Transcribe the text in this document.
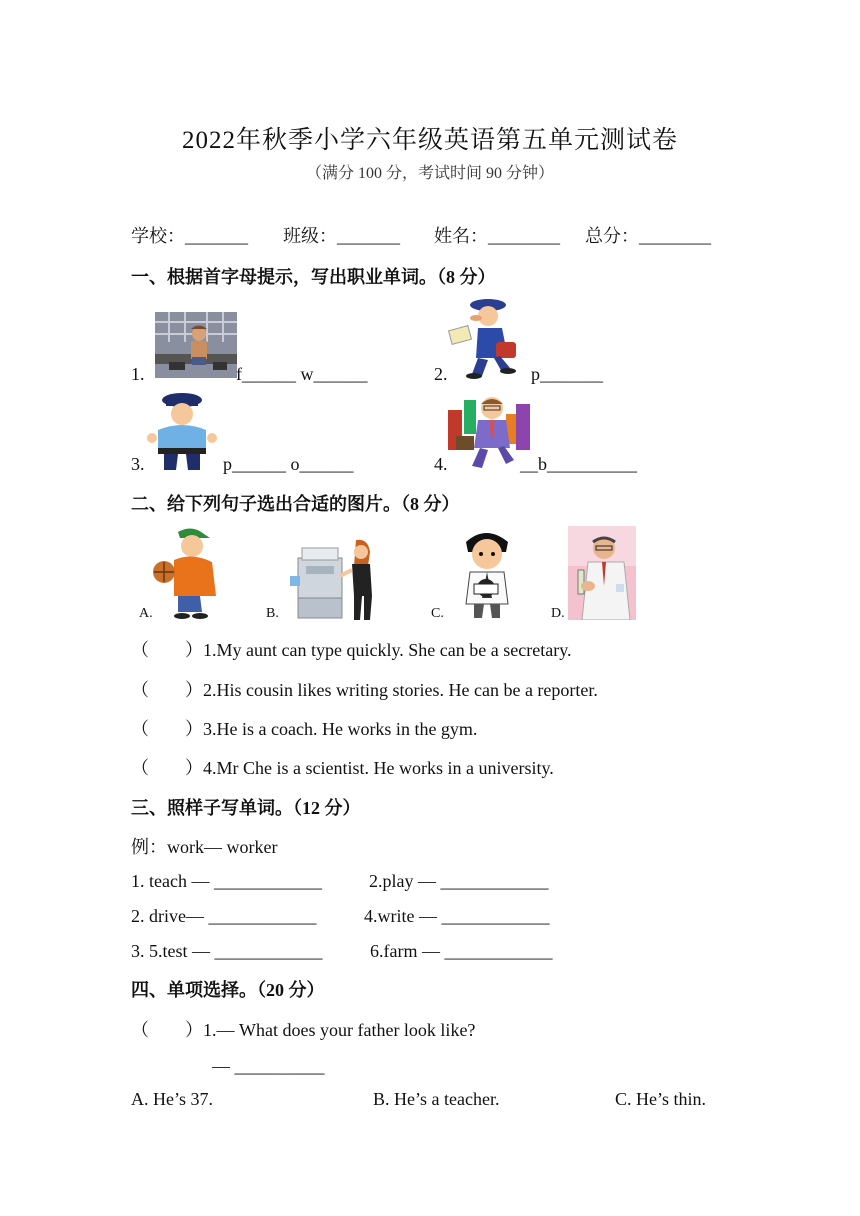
2022年秋季小学六年级英语第五单元测试卷
（满分 100 分，考试时间 90 分钟）
学校：_______ 班级：_______ 姓名：________ 总分：________
一、根据首字母提示，写出职业单词。（8 分）
1.	f______ w______	2.	p_______
3.	p______ o______	4.	__b__________
二、给下列句子选出合适的图片。（8 分）
A.	B.	C.	D.
（　　）1.My aunt can type quickly. She can be a secretary.
（　　）2.His cousin likes writing stories. He can be a reporter.
（　　）3.He is a coach. He works in the gym.
（　　）4.Mr Che is a scientist. He works in a university.
三、照样子写单词。（12 分）
例：work— worker
1. teach — ____________	2.play — ____________
2. drive— ____________	4.write — ____________
3. 5.test — ____________	6.farm — ____________
四、单项选择。（20 分）
（　　）1.— What does your father look like?
— __________
A. He’s 37.	B. He’s a teacher.	C. He’s thin.
